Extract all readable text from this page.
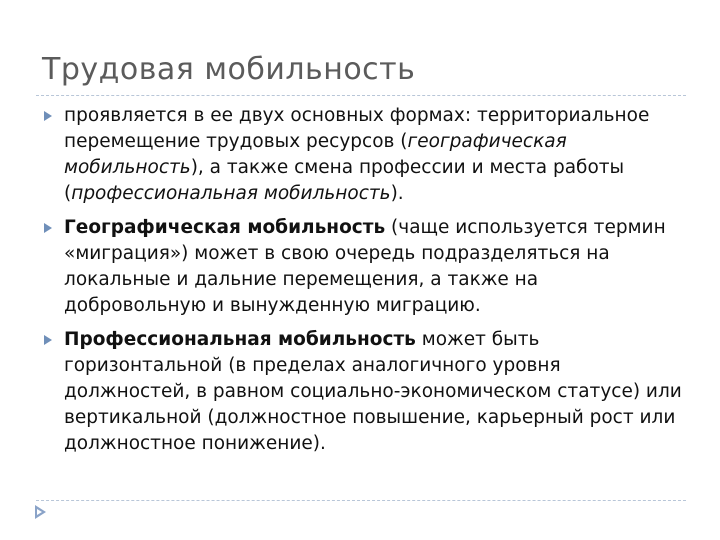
Трудовая мобильность
проявляется в ее двух основных формах: территориальное перемещение трудовых ресурсов (географическая мобильность), а также смена профессии и места работы (профессиональная мобильность).
Географическая мобильность (чаще используется термин «миграция») может в свою очередь подразделяться на локальные и дальние перемещения, а также на добровольную и вынужденную миграцию.
Профессиональная мобильность может быть горизонтальной (в пределах аналогичного уровня должностей, в равном социально-экономическом статусе) или вертикальной (должностное повышение, карьерный рост или должностное понижение).
